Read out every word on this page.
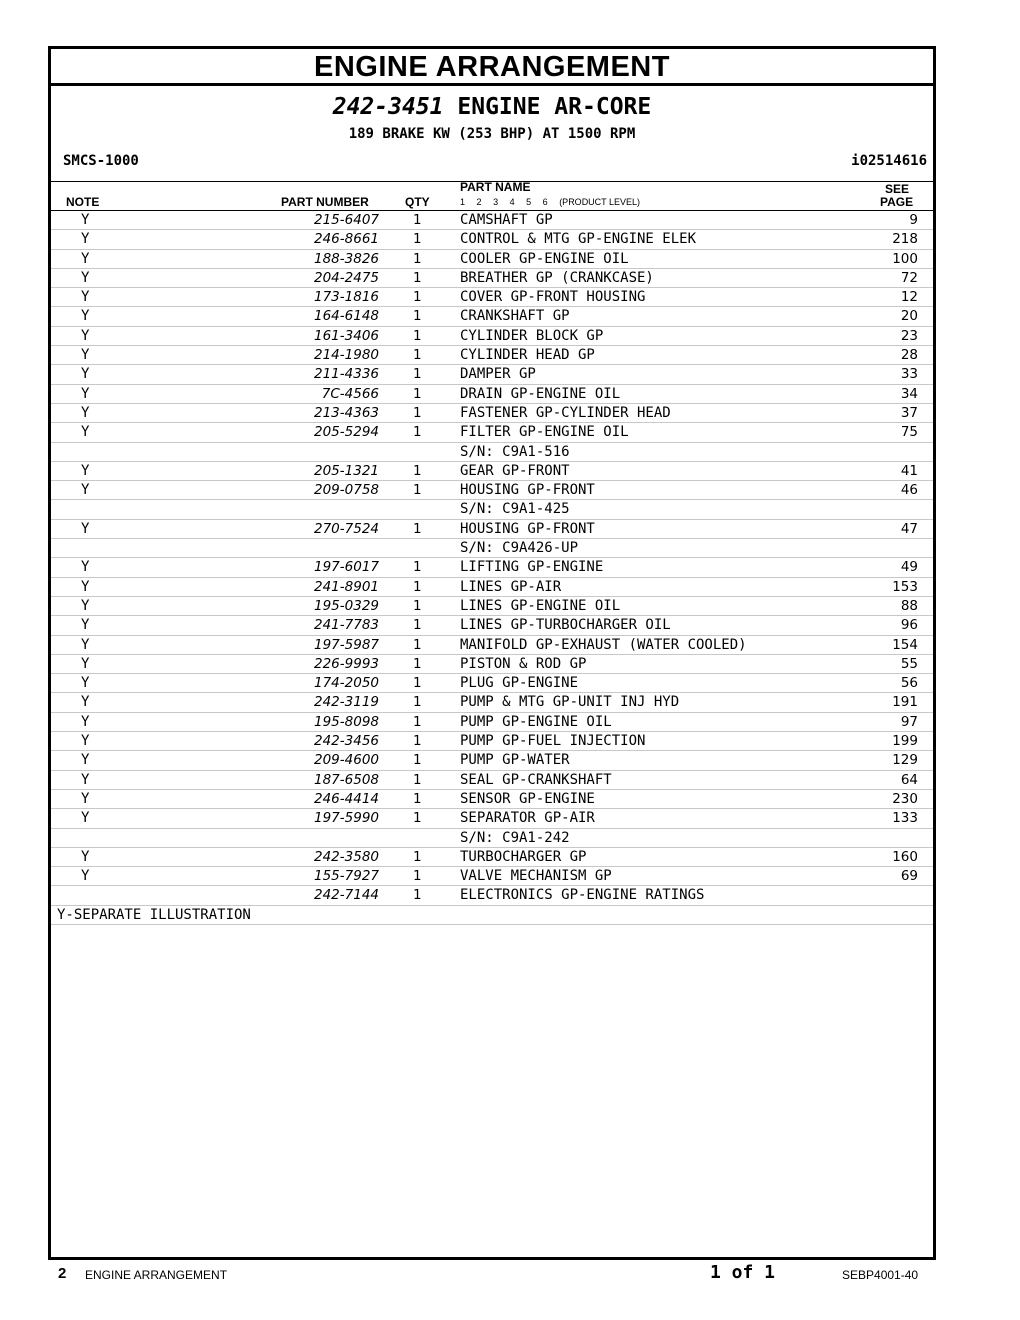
ENGINE ARRANGEMENT
242-3451 ENGINE AR-CORE
189 BRAKE KW (253 BHP) AT 1500 RPM
SMCS-1000	i02514616
NOTE	PART NUMBER	QTY
PART NAME
1 2 3 4 5 6 (PRODUCT LEVEL)
SEE
PAGE
Y	215-6407	1	CAMSHAFT GP	9
Y	246-8661	1	CONTROL & MTG GP-ENGINE ELEK	218
Y	188-3826	1	COOLER GP-ENGINE OIL	100
Y	204-2475	1	BREATHER GP (CRANKCASE)	72
Y	173-1816	1	COVER GP-FRONT HOUSING	12
Y	164-6148	1	CRANKSHAFT GP	20
Y	161-3406	1	CYLINDER BLOCK GP	23
Y	214-1980	1	CYLINDER HEAD GP	28
Y	211-4336	1	DAMPER GP	33
Y	7C-4566	1	DRAIN GP-ENGINE OIL	34
Y	213-4363	1	FASTENER GP-CYLINDER HEAD	37
Y	205-5294	1	FILTER GP-ENGINE OIL	75
S/N: C9A1-516
Y	205-1321	1	GEAR GP-FRONT	41
Y	209-0758	1	HOUSING GP-FRONT	46
S/N: C9A1-425
Y	270-7524	1	HOUSING GP-FRONT	47
S/N: C9A426-UP
Y	197-6017	1	LIFTING GP-ENGINE	49
Y	241-8901	1	LINES GP-AIR	153
Y	195-0329	1	LINES GP-ENGINE OIL	88
Y	241-7783	1	LINES GP-TURBOCHARGER OIL	96
Y	197-5987	1	MANIFOLD GP-EXHAUST (WATER COOLED)	154
Y	226-9993	1	PISTON & ROD GP	55
Y	174-2050	1	PLUG GP-ENGINE	56
Y	242-3119	1	PUMP & MTG GP-UNIT INJ HYD	191
Y	195-8098	1	PUMP GP-ENGINE OIL	97
Y	242-3456	1	PUMP GP-FUEL INJECTION	199
Y	209-4600	1	PUMP GP-WATER	129
Y	187-6508	1	SEAL GP-CRANKSHAFT	64
Y	246-4414	1	SENSOR GP-ENGINE	230
Y	197-5990	1	SEPARATOR GP-AIR	133
S/N: C9A1-242
Y	242-3580	1	TURBOCHARGER GP	160
Y	155-7927	1	VALVE MECHANISM GP	69
242-7144	1	ELECTRONICS GP-ENGINE RATINGS
Y-SEPARATE ILLUSTRATION
2 ENGINE ARRANGEMENT	1 of 1	SEBP4001-40
